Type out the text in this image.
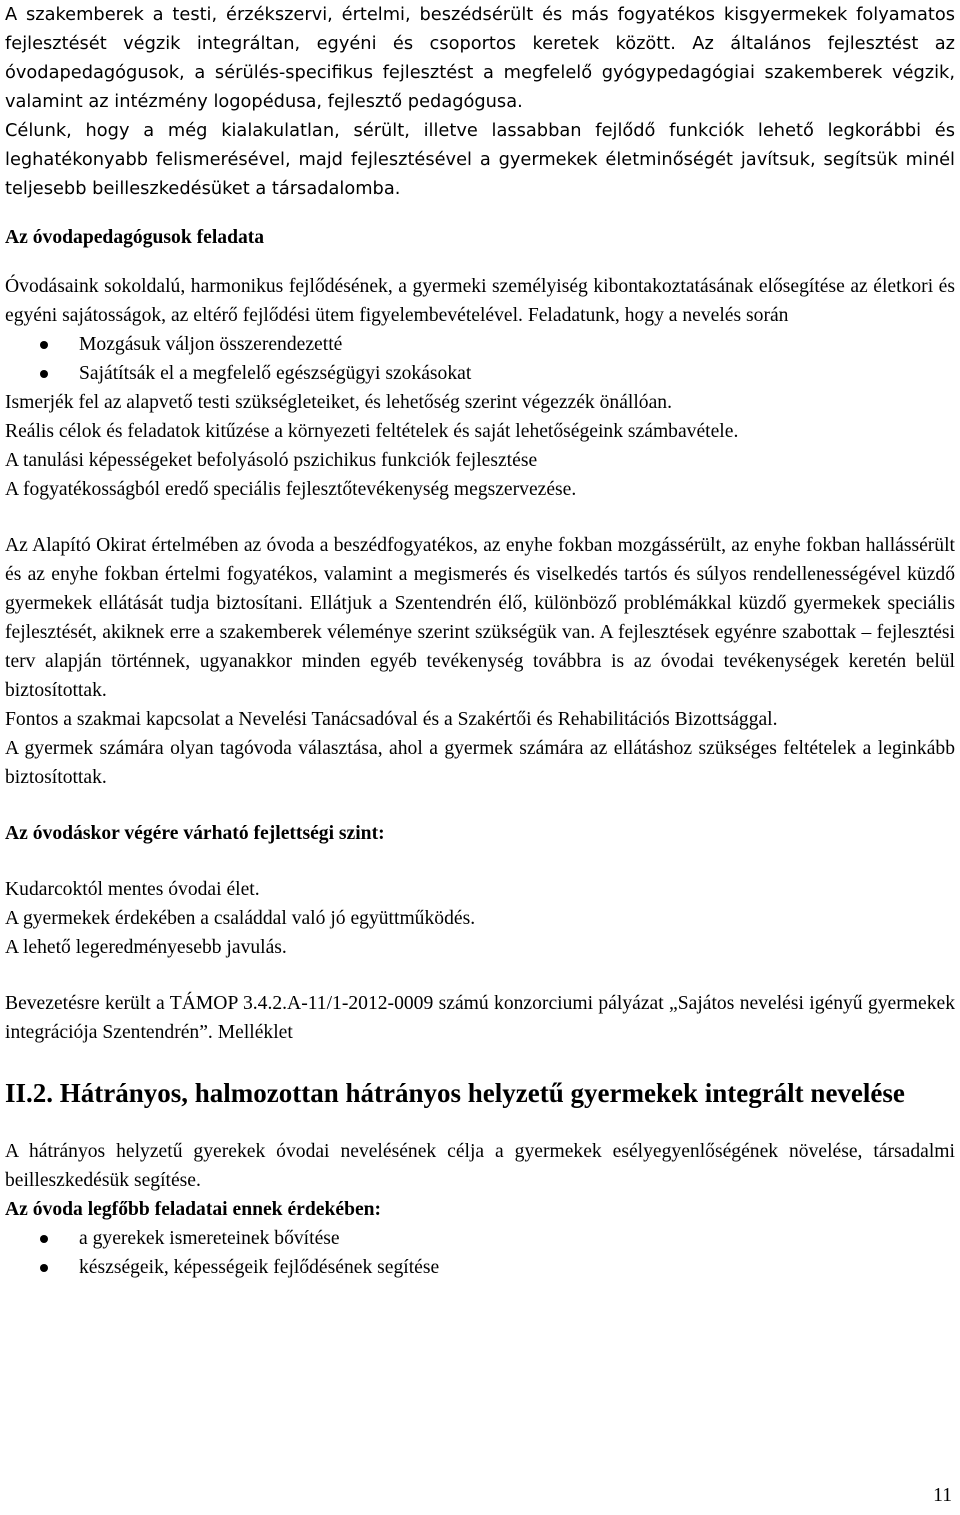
A szakemberek a testi, érzékszervi, értelmi, beszédsérült és más fogyatékos kisgyermekek folyamatos fejlesztését végzik integráltan, egyéni és csoportos keretek között. Az általános fejlesztést az óvodapedagógusok, a sérülés-specifikus fejlesztést a megfelelő gyógypedagógiai szakemberek végzik, valamint az intézmény logopédusa, fejlesztő pedagógusa.

Célunk, hogy a még kialakulatlan, sérült, illetve lassabban fejlődő funkciók lehető legkorábbi és leghatékonyabb felismerésével, majd fejlesztésével a gyermekek életminőségét javítsuk, segítsük minél teljesebb beilleszkedésüket a társadalomba.

Az óvodapedagógusok feladata

Óvodásaink sokoldalú, harmonikus fejlődésének, a gyermeki személyiség kibontakoztatásának elősegítése az életkori és egyéni sajátosságok, az eltérő fejlődési ütem figyelembevételével. Feladatunk, hogy a nevelés során

Mozgásuk váljon összerendezetté
Sajátítsák el a megfelelő egészségügyi szokásokat

Ismerjék fel az alapvető testi szükségleteiket, és lehetőség szerint végezzék önállóan.

Reális célok és feladatok kitűzése a környezeti feltételek és saját lehetőségeink számbavétele.

A tanulási képességeket befolyásoló pszichikus funkciók fejlesztése

A fogyatékosságból eredő speciális fejlesztőtevékenység megszervezése.

Az Alapító Okirat értelmében az óvoda a beszédfogyatékos, az enyhe fokban mozgássérült, az enyhe fokban hallássérült és az enyhe fokban értelmi fogyatékos, valamint a megismerés és viselkedés tartós és súlyos rendellenességével küzdő gyermekek ellátását tudja biztosítani. Ellátjuk a Szentendrén élő, különböző problémákkal küzdő gyermekek speciális fejlesztését, akiknek erre a szakemberek véleménye szerint szükségük van. A fejlesztések egyénre szabottak – fejlesztési terv alapján történnek, ugyanakkor minden egyéb tevékenység továbbra is az óvodai tevékenységek keretén belül biztosítottak.

Fontos a szakmai kapcsolat a Nevelési Tanácsadóval és a Szakértői és Rehabilitációs Bizottsággal.

A gyermek számára olyan tagóvoda választása, ahol a gyermek számára az ellátáshoz szükséges feltételek a leginkább biztosítottak.

Az óvodáskor végére várható fejlettségi szint:

Kudarcoktól mentes óvodai élet.

A gyermekek érdekében a családdal való jó együttműködés.

A lehető legeredményesebb javulás.

Bevezetésre került a TÁMOP 3.4.2.A-11/1-2012-0009 számú konzorciumi pályázat „Sajátos nevelési igényű gyermekek integrációja Szentendrén”. Melléklet

II.2. Hátrányos, halmozottan hátrányos helyzetű gyermekek integrált nevelése

A hátrányos helyzetű gyerekek óvodai nevelésének célja a gyermekek esélyegyenlőségének növelése, társadalmi beilleszkedésük segítése.

Az óvoda legfőbb feladatai ennek érdekében:

a gyerekek ismereteinek bővítése
készségeik, képességeik fejlődésének segítése
11
